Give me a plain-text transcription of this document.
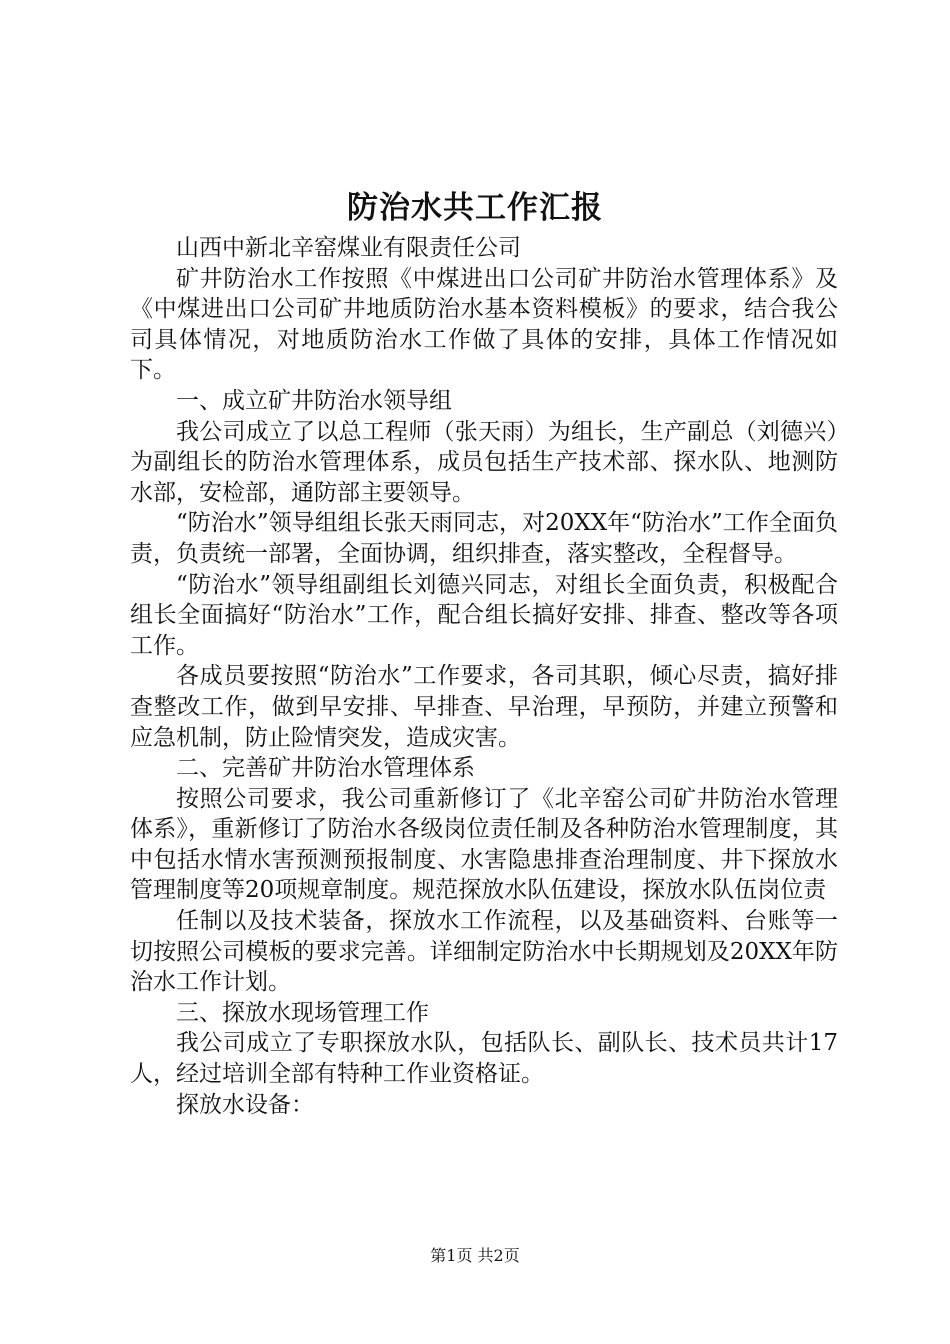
防治水共工作汇报

山西中新北辛窑煤业有限责任公司

矿井防治水工作按照《中煤进出口公司矿井防治水管理体系》及《中煤进出口公司矿井地质防治水基本资料模板》的要求，结合我公司具体情况，对地质防治水工作做了具体的安排，具体工作情况如下。

一、成立矿井防治水领导组

我公司成立了以总工程师（张天雨）为组长，生产副总（刘德兴）为副组长的防治水管理体系，成员包括生产技术部、探水队、地测防水部，安检部，通防部主要领导。

“防治水”领导组组长张天雨同志，对20XX年“防治水”工作全面负责，负责统一部署，全面协调，组织排查，落实整改，全程督导。

“防治水”领导组副组长刘德兴同志，对组长全面负责，积极配合组长全面搞好“防治水”工作，配合组长搞好安排、排查、整改等各项工作。

各成员要按照“防治水”工作要求，各司其职，倾心尽责，搞好排查整改工作，做到早安排、早排查、早治理，早预防，并建立预警和应急机制，防止险情突发，造成灾害。

二、完善矿井防治水管理体系

按照公司要求，我公司重新修订了《北辛窑公司矿井防治水管理体系》，重新修订了防治水各级岗位责任制及各种防治水管理制度，其中包括水情水害预测预报制度、水害隐患排查治理制度、井下探放水管理制度等20项规章制度。规范探放水队伍建设，探放水队伍岗位责

任制以及技术装备，探放水工作流程，以及基础资料、台账等一切按照公司模板的要求完善。详细制定防治水中长期规划及20XX年防治水工作计划。

三、探放水现场管理工作

我公司成立了专职探放水队，包括队长、副队长、技术员共计17人，经过培训全部有特种工作业资格证。

探放水设备：

第1页 共2页
